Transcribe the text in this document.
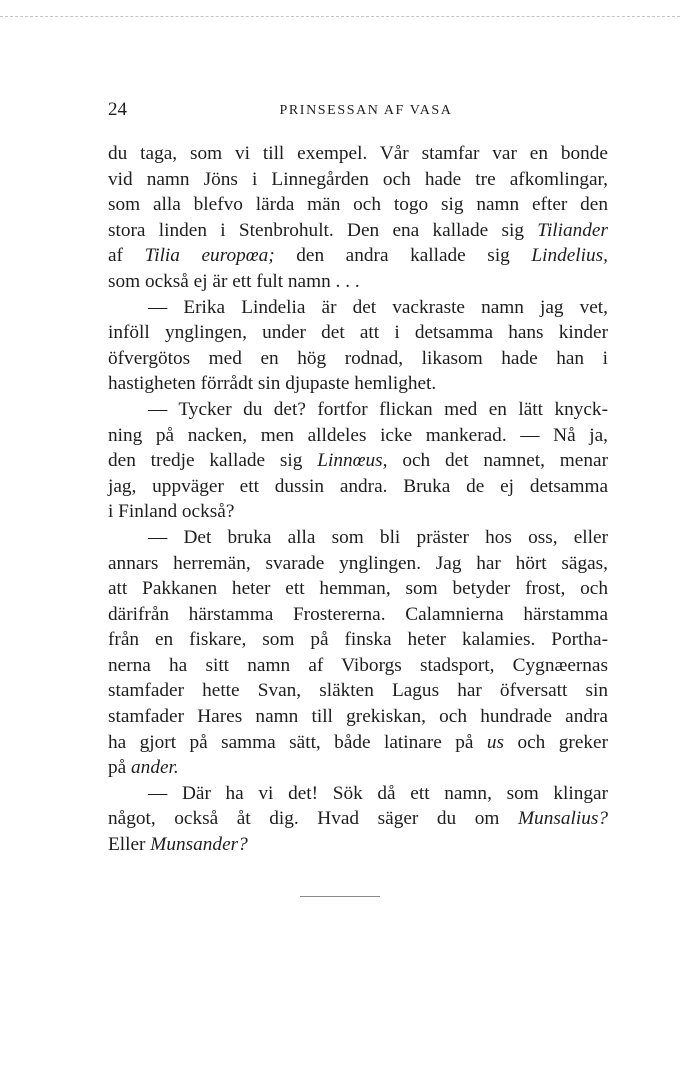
24	PRINSESSAN AF VASA
du taga, som vi till exempel. Vår stamfar var en bonde
vid namn Jöns i Linnegården och hade tre afkomlingar,
som alla blefvo lärda män och togo sig namn efter den
stora linden i Stenbrohult. Den ena kallade sig Tiliander
af Tilia europœa; den andra kallade sig Lindelius,
som också ej är ett fult namn . . .
— Erika Lindelia är det vackraste namn jag vet,
inföll ynglingen, under det att i detsamma hans kinder
öfvergötos med en hög rodnad, likasom hade han i
hastigheten förrådt sin djupaste hemlighet.
— Tycker du det? fortfor flickan med en lätt knyck-
ning på nacken, men alldeles icke mankerad. — Nå ja,
den tredje kallade sig Linnœus, och det namnet, menar
jag, uppväger ett dussin andra. Bruka de ej detsamma
i Finland också?
— Det bruka alla som bli präster hos oss, eller
annars herremän, svarade ynglingen. Jag har hört sägas,
att Pakkanen heter ett hemman, som betyder frost, och
därifrån härstamma Frostererna. Calamnierna härstamma
från en fiskare, som på finska heter kalamies. Portha-
nerna ha sitt namn af Viborgs stadsport, Cygnæernas
stamfader hette Svan, släkten Lagus har öfversatt sin
stamfader Hares namn till grekiskan, och hundrade andra
ha gjort på samma sätt, både latinare på us och greker
på ander.
— Där ha vi det! Sök då ett namn, som klingar
något, också åt dig. Hvad säger du om Munsalius?
Eller Munsander?
